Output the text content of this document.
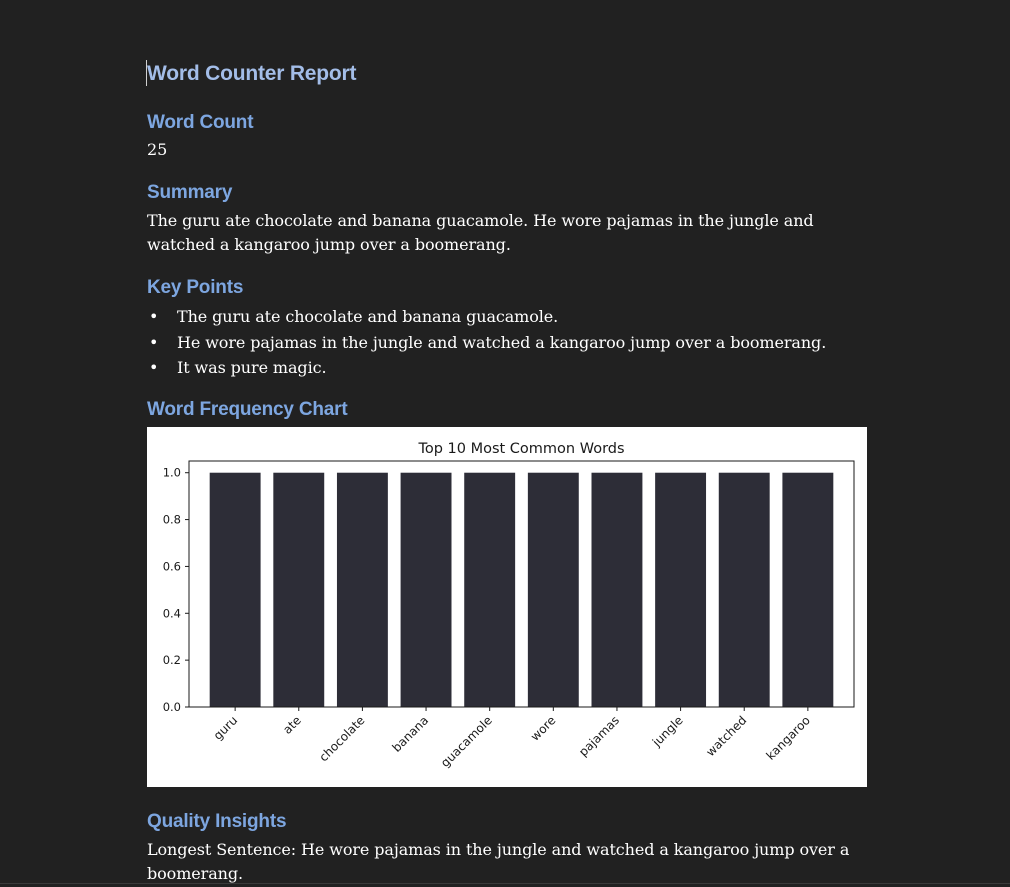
Word Counter Report
Word Count

25

Summary

The guru ate chocolate and banana guacamole. He wore pajamas in the jungle and watched a kangaroo jump over a boomerang.

Key Points
• The guru ate chocolate and banana guacamole.
• He wore pajamas in the jungle and watched a kangaroo jump over a boomerang.
• It was pure magic.
Word Frequency Chart
Top 10 Most Common Words
guru	ate chocolate banana guacamole	wore pajamas jungle watched kangaroo
0.0
0.2
0.4
0.6
0.8
1.0
Quality Insights

Longest Sentence: He wore pajamas in the jungle and watched a kangaroo jump over a boomerang.
